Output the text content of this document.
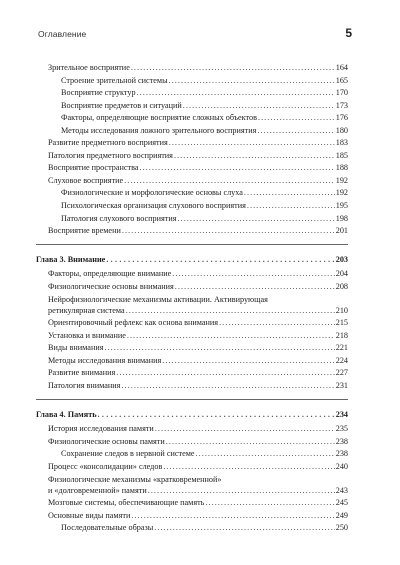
Оглавление	5
Зрительное восприятие .....	164
Строение зрительной системы .....	165
Восприятие структур .....	170
Восприятие предметов и ситуаций .....	173
Факторы, определяющие восприятие сложных объектов .....	176
Методы исследования ложного зрительного восприятия .....	180
Развитие предметного восприятия .....	183
Патология предметного восприятия .....	185
Восприятие пространства .....	188
Слуховое восприятие .....	192
Физиологические и морфологические основы слуха .....	192
Психологическая организация слухового восприятия .....	195
Патология слухового восприятия .....	198
Восприятие времени .....	201
Глава 3. Внимание .....	203
Факторы, определяющие внимание .....	204
Физиологические основы внимания .....	208
Нейрофизиологические механизмы активации. Активирующая
ретикулярная система .....	210
Ориентировочный рефлекс как основа внимания .....	215
Установка и внимание .....	218
Виды внимания .....	221
Методы исследования внимания .....	224
Развитие внимания .....	227
Патология внимания .....	231
Глава 4. Память .....	234
История исследования памяти .....	235
Физиологические основы памяти .....	238
Сохранение следов в нервной системе .....	238
Процесс «консолидации» следов .....	240
Физиологические механизмы «кратковременной»
и «долговременной» памяти .....	243
Мозговые системы, обеспечивающие память .....	245
Основные виды памяти .....	249
Последовательные образы .....	250
